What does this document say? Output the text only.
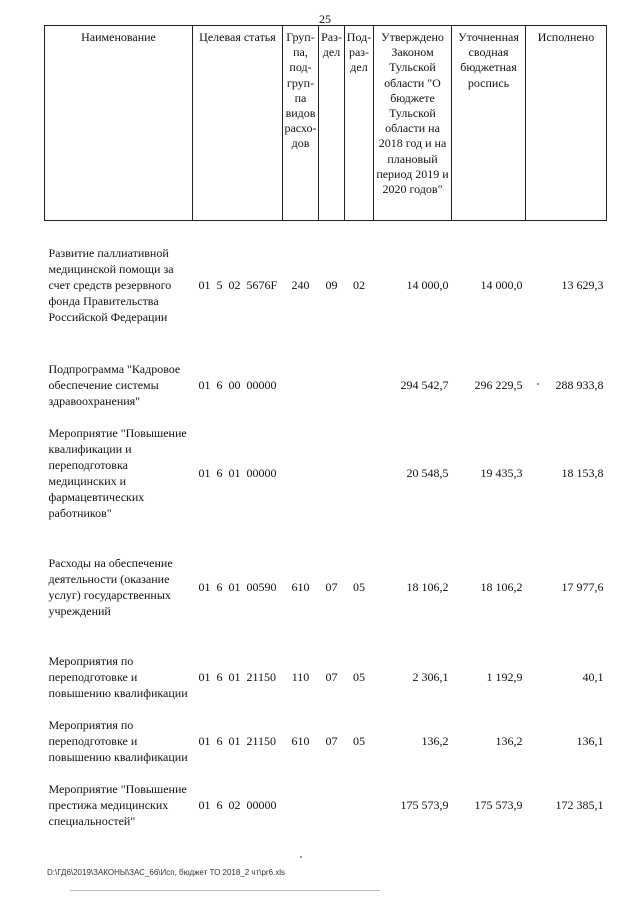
25
Наименование	Целевая статья	Груп-па, под-груп-па видов расхо-дов	Раз-дел	Под-раз-дел	Утверждено Законом Тульской области "О бюджете Тульской области на 2018 год и на плановый период 2019 и 2020 годов"	Уточненная сводная бюджетная роспись	Исполнено

Развитие паллиативной медицинской помощи за счет средств резервного фонда Правительства Российской Федерации	01  5  02  5676F	240	09	02	14 000,0	14 000,0	13 629,3

Подпрограмма "Кадровое обеспечение системы здравоохранения"	01  6  00  00000				294 542,7	296 229,5	288 933,8
Мероприятие "Повышение квалификации и переподготовка медицинских и фармацевтических работников"	01  6  01  00000				20 548,5	19 435,3	18 153,8

Расходы на обеспечение деятельности (оказание услуг) государственных учреждений	01  6  01  00590	610	07	05	18 106,2	18 106,2	17 977,6

Мероприятия по переподготовке и повышению квалификации	01  6  01  21150	110	07	05	2 306,1	1 192,9	40,1
Мероприятия по переподготовке и повышению квалификации	01  6  01  21150	610	07	05	136,2	136,2	136,1
Мероприятие "Повышение престижа медицинских специальностей"	01  6  02  00000				175 573,9	175 573,9	172 385,1
D:\ГД6\2019\ЗАКОНЫ\ЗАС_66\Исп, бюджет ТО 2018_2 чт\pr6.xls
